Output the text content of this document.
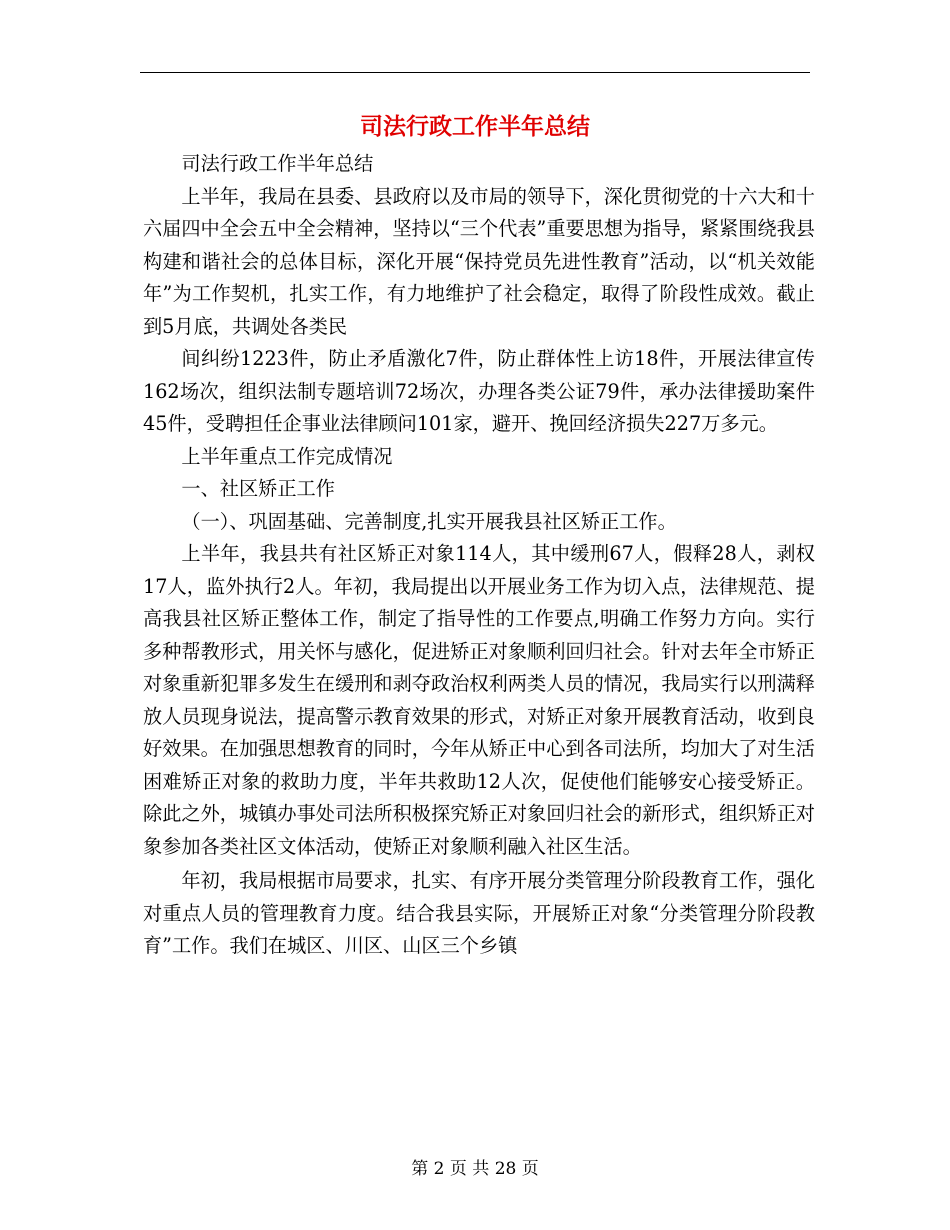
司法行政工作半年总结

司法行政工作半年总结

上半年，我局在县委、县政府以及市局的领导下，深化贯彻党的十六大和十六届四中全会五中全会精神，坚持以“三个代表”重要思想为指导，紧紧围绕我县构建和谐社会的总体目标，深化开展“保持党员先进性教育”活动，以“机关效能年”为工作契机，扎实工作，有力地维护了社会稳定，取得了阶段性成效。截止到5月底，共调处各类民

间纠纷1223件，防止矛盾激化7件，防止群体性上访18件，开展法律宣传162场次，组织法制专题培训72场次，办理各类公证79件，承办法律援助案件45件，受聘担任企事业法律顾问101家，避开、挽回经济损失227万多元。

上半年重点工作完成情况

一、社区矫正工作

（一）、巩固基础、完善制度,扎实开展我县社区矫正工作。

上半年，我县共有社区矫正对象114人，其中缓刑67人，假释28人，剥权17人，监外执行2人。年初，我局提出以开展业务工作为切入点，法律规范、提高我县社区矫正整体工作，制定了指导性的工作要点,明确工作努力方向。实行多种帮教形式，用关怀与感化，促进矫正对象顺利回归社会。针对去年全市矫正对象重新犯罪多发生在缓刑和剥夺政治权利两类人员的情况，我局实行以刑满释放人员现身说法，提高警示教育效果的形式，对矫正对象开展教育活动，收到良好效果。在加强思想教育的同时，今年从矫正中心到各司法所，均加大了对生活困难矫正对象的救助力度，半年共救助12人次，促使他们能够安心接受矫正。除此之外，城镇办事处司法所积极探究矫正对象回归社会的新形式，组织矫正对象参加各类社区文体活动，使矫正对象顺利融入社区生活。

年初，我局根据市局要求，扎实、有序开展分类管理分阶段教育工作，强化对重点人员的管理教育力度。结合我县实际，开展矫正对象“分类管理分阶段教育”工作。我们在城区、川区、山区三个乡镇

第 2 页 共 28 页
